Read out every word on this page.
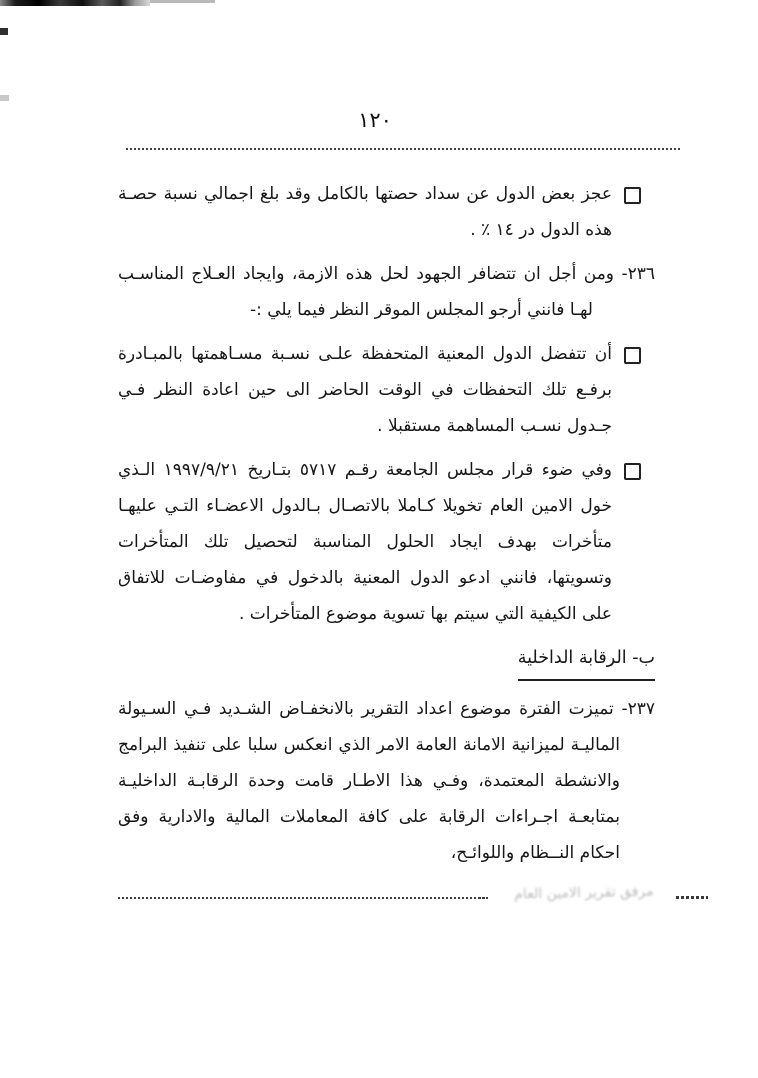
١٢٠
عجز بعض الدول عن سداد حصتها بالكامل وقد بلغ اجمالي نسبة حصـة هذه الدول در ١٤ ٪ .
٢٣٦- ومن أجل ان تتضافر الجهود لحل هذه الازمة، وايجاد العـلاج المناسـب لهـا فانني أرجو المجلس الموقر النظر فيما يلي :-
أن تتفضل الدول المعنية المتحفظة علـى نسـبة مسـاهمتها بالمبـادرة برفـع تلك التحفظات في الوقت الحاضر الى حين اعادة النظر فـي جـدول نسـب المساهمة مستقبلا .
وفي ضوء قرار مجلس الجامعة رقـم ٥٧١٧ بتـاريخ ١٩٩٧/٩/٢١ الـذي خول الامين العام تخويلا كـاملا بالاتصـال بـالدول الاعضـاء التـي عليهـا متأخرات بهدف ايجاد الحلول المناسبة لتحصيل تلك المتأخرات وتسويتها، فانني ادعو الدول المعنية بالدخول في مفاوضـات للاتفاق على الكيفية التي سيتم بها تسوية موضوع المتأخرات .
ب- الرقابة الداخلية
٢٣٧- تميزت الفترة موضوع اعداد التقرير بالانخفـاض الشـديد فـي السـيولة الماليـة لميزانية الامانة العامة الامر الذي انعكس سلبا على تنفيذ البرامج والانشطة المعتمدة، وفـي هذا الاطـار قامت وحدة الرقابـة الداخليـة بمتابعـة اجـراءات الرقابة على كافة المعاملات المالية والادارية وفق احكام النــظام واللوائـح،
مرفق تقرير الامين العام
